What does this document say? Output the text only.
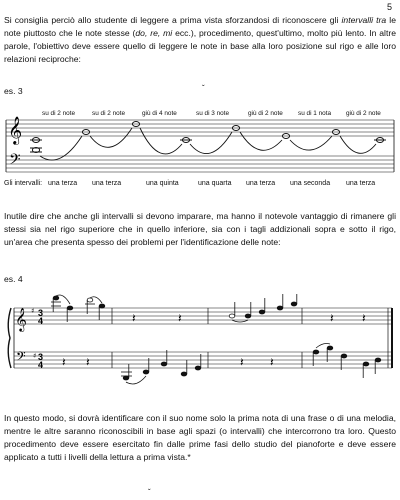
5

Si consiglia perciò allo studente di leggere a prima vista sforzandosi di riconoscere gli intervalli tra le note piuttosto che le note stesse (do, re, mi ecc.), procedimento, quest'ultimo, molto più lento. In altre parole, l'obiettivo deve essere quello di leggere le note in base alla loro posizione sul rigo e alle loro relazioni reciproche:

ˇ
es. 3
su di 2 note	su di 2 note	giù di 4 note	su di 3 note	giù di 2 note su di 1 nota giù di 2 note
𝄞
𝄢
Gli intervalli: una terza una terza	una quinta	una quarta una terza una seconda una terza

Inutile dire che anche gli intervalli si devono imparare, ma hanno il notevole vantaggio di rimanere gli stessi sia nel rigo superiore che in quello inferiore, sia con i tagli addizionali sopra e sotto il rigo, un'area che presenta spesso dei problemi per l'identificazione delle note:

es. 4
𝄞
𝄢
♯
♯
3
4
3
4
𝄽	𝄽	𝄽 𝄽
𝄽 𝄽	𝄽 𝄽

In questo modo, si dovrà identificare con il suo nome solo la prima nota di una frase o di una melodia, mentre le altre saranno riconoscibili in base agli spazi (o intervalli) che intercorrono tra loro. Questo procedimento deve essere esercitato fin dalle prime fasi dello studio del pianoforte e deve essere applicato a tutti i livelli della lettura a prima vista.*

ˇ
